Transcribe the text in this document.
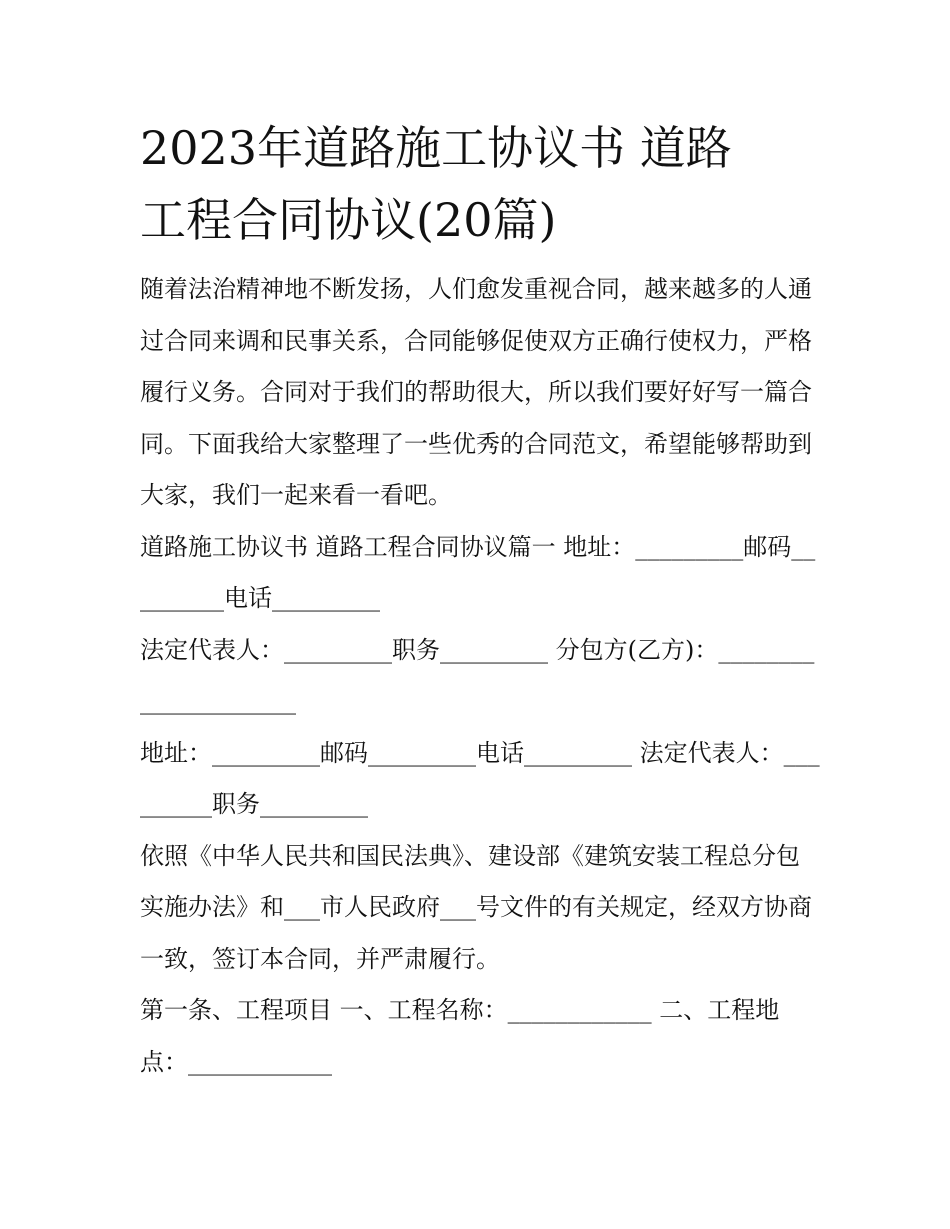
2023年道路施工协议书 道路
工程合同协议(20篇)

随着法治精神地不断发扬，人们愈发重视合同，越来越多的人通过合同来调和民事关系，合同能够促使双方正确行使权力，严格履行义务。合同对于我们的帮助很大，所以我们要好好写一篇合同。下面我给大家整理了一些优秀的合同范文，希望能够帮助到大家，我们一起来看一看吧。

道路施工协议书 道路工程合同协议篇一 地址：_________邮码_________电话_________

法定代表人：_________职务_________ 分包方(乙方)：_____________________

地址：_________邮码_________电话_________ 法定代表人：_________职务_________

依照《中华人民共和国民法典》、建设部《建筑安装工程总分包实施办法》和___市人民政府___号文件的有关规定，经双方协商一致，签订本合同，并严肃履行。

第一条、工程项目 一、工程名称：____________ 二、工程地点：____________
